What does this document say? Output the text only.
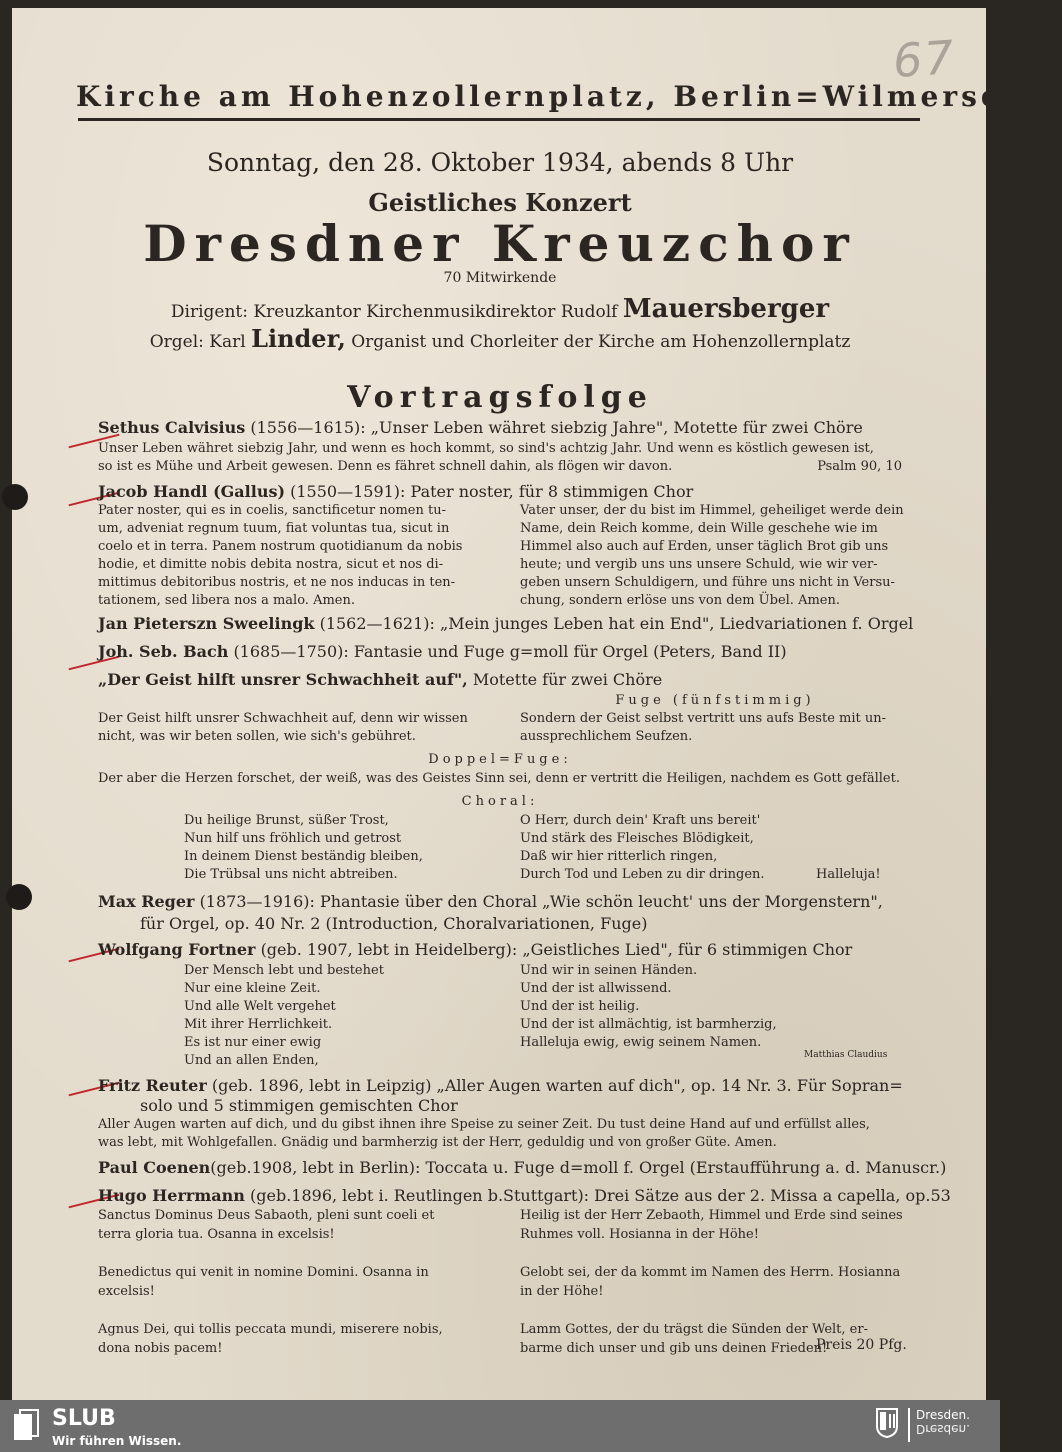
67
Kirche am Hohenzollernplatz, Berlin=Wilmersdorf
Sonntag, den 28. Oktober 1934, abends 8 Uhr
Geistliches Konzert
Dresdner Kreuzchor
70 Mitwirkende
Dirigent: Kreuzkantor Kirchenmusikdirektor Rudolf Mauersberger
Orgel: Karl Linder, Organist und Chorleiter der Kirche am Hohenzollernplatz
Vortragsfolge
Sethus Calvisius (1556—1615): „Unser Leben währet siebzig Jahre", Motette für zwei Chöre
Unser Leben währet siebzig Jahr, und wenn es hoch kommt, so sind's achtzig Jahr. Und wenn es köstlich gewesen ist,
so ist es Mühe und Arbeit gewesen. Denn es fähret schnell dahin, als flögen wir davon.	Psalm 90, 10
Jacob Handl (Gallus) (1550—1591): Pater noster, für 8 stimmigen Chor
Pater noster, qui es in coelis, sanctificetur nomen tu-
um, adveniat regnum tuum, fiat voluntas tua, sicut in
coelo et in terra. Panem nostrum quotidianum da nobis
hodie, et dimitte nobis debita nostra, sicut et nos di-
mittimus debitoribus nostris, et ne nos inducas in ten-
tationem, sed libera nos a malo. Amen.
Vater unser, der du bist im Himmel, geheiliget werde dein
Name, dein Reich komme, dein Wille geschehe wie im
Himmel also auch auf Erden, unser täglich Brot gib uns
heute; und vergib uns uns unsere Schuld, wie wir ver-
geben unsern Schuldigern, und führe uns nicht in Versu-
chung, sondern erlöse uns von dem Übel. Amen.
Jan Pieterszn Sweelingk (1562—1621): „Mein junges Leben hat ein End", Liedvariationen f. Orgel
Joh. Seb. Bach (1685—1750): Fantasie und Fuge g=moll für Orgel (Peters, Band II)
„Der Geist hilft unsrer Schwachheit auf", Motette für zwei Chöre
Fuge (fünfstimmig)
Der Geist hilft unsrer Schwachheit auf, denn wir wissen
nicht, was wir beten sollen, wie sich's gebühret.
Sondern der Geist selbst vertritt uns aufs Beste mit un-
aussprechlichem Seufzen.
Doppel=Fuge:
Der aber die Herzen forschet, der weiß, was des Geistes Sinn sei, denn er vertritt die Heiligen, nachdem es Gott gefället.
Choral:
Du heilige Brunst, süßer Trost,
Nun hilf uns fröhlich und getrost
In deinem Dienst beständig bleiben,
Die Trübsal uns nicht abtreiben.
O Herr, durch dein' Kraft uns bereit'
Und stärk des Fleisches Blödigkeit,
Daß wir hier ritterlich ringen,
Durch Tod und Leben zu dir dringen.	Halleluja!
Max Reger (1873—1916): Phantasie über den Choral „Wie schön leucht' uns der Morgenstern",
für Orgel, op. 40 Nr. 2 (Introduction, Choralvariationen, Fuge)
Wolfgang Fortner (geb. 1907, lebt in Heidelberg): „Geistliches Lied", für 6 stimmigen Chor
Der Mensch lebt und bestehet
Nur eine kleine Zeit.
Und alle Welt vergehet
Mit ihrer Herrlichkeit.
Es ist nur einer ewig
Und an allen Enden,
Und wir in seinen Händen.
Und der ist allwissend.
Und der ist heilig.
Und der ist allmächtig, ist barmherzig,
Halleluja ewig, ewig seinem Namen.
Matthias Claudius
Fritz Reuter (geb. 1896, lebt in Leipzig) „Aller Augen warten auf dich", op. 14 Nr. 3. Für Sopran=
solo und 5 stimmigen gemischten Chor
Aller Augen warten auf dich, und du gibst ihnen ihre Speise zu seiner Zeit. Du tust deine Hand auf und erfüllst alles,
was lebt, mit Wohlgefallen. Gnädig und barmherzig ist der Herr, geduldig und von großer Güte. Amen.
Paul Coenen(geb.1908, lebt in Berlin): Toccata u. Fuge d=moll f. Orgel (Erstaufführung a. d. Manuscr.)
Hugo Herrmann (geb.1896, lebt i. Reutlingen b.Stuttgart): Drei Sätze aus der 2. Missa a capella, op.53
Sanctus Dominus Deus Sabaoth, pleni sunt coeli et
terra gloria tua. Osanna in excelsis!

Benedictus qui venit in nomine Domini. Osanna in
excelsis!

Agnus Dei, qui tollis peccata mundi, miserere nobis,
dona nobis pacem!
Heilig ist der Herr Zebaoth, Himmel und Erde sind seines
Ruhmes voll. Hosianna in der Höhe!

Gelobt sei, der da kommt im Namen des Herrn. Hosianna
in der Höhe!

Lamm Gottes, der du trägst die Sünden der Welt, er-
barme dich unser und gib uns deinen Frieden!
Preis 20 Pfg.
SLUB
Wir führen Wissen.
Dresden.
Dresden.
